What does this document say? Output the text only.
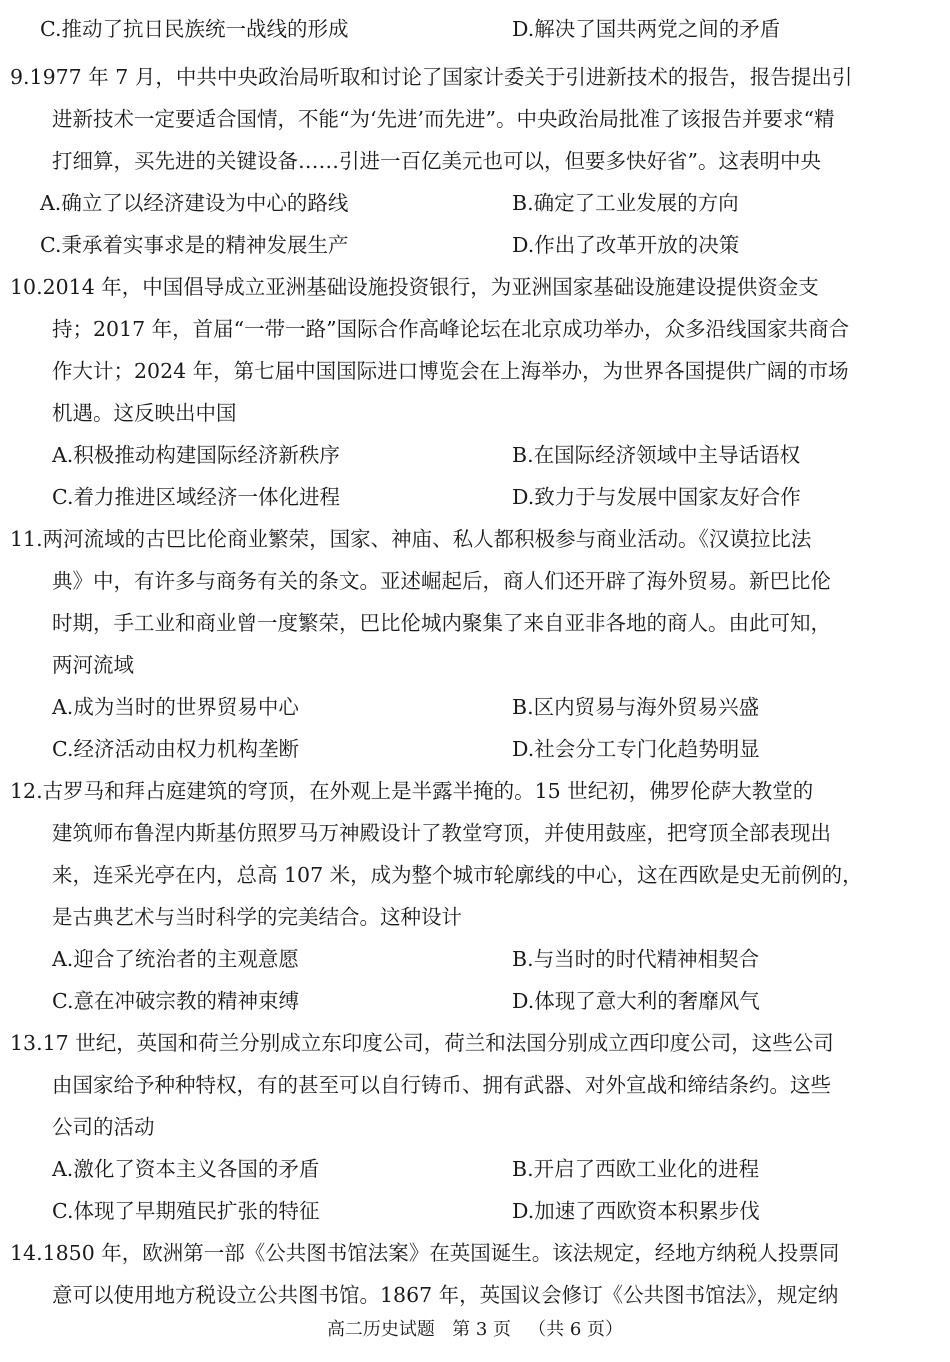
C.推动了抗日民族统一战线的形成	D.解决了国共两党之间的矛盾
9.1977 年 7 月，中共中央政治局听取和讨论了国家计委关于引进新技术的报告，报告提出引
进新技术一定要适合国情，不能“为‘先进’而先进”。中央政治局批准了该报告并要求“精
打细算，买先进的关键设备……引进一百亿美元也可以，但要多快好省”。这表明中央
A.确立了以经济建设为中心的路线	B.确定了工业发展的方向
C.秉承着实事求是的精神发展生产	D.作出了改革开放的决策
10.2014 年，中国倡导成立亚洲基础设施投资银行，为亚洲国家基础设施建设提供资金支
持；2017 年，首届“一带一路”国际合作高峰论坛在北京成功举办，众多沿线国家共商合
作大计；2024 年，第七届中国国际进口博览会在上海举办，为世界各国提供广阔的市场
机遇。这反映出中国
A.积极推动构建国际经济新秩序	B.在国际经济领域中主导话语权
C.着力推进区域经济一体化进程	D.致力于与发展中国家友好合作
11.两河流域的古巴比伦商业繁荣，国家、神庙、私人都积极参与商业活动。《汉谟拉比法
典》中，有许多与商务有关的条文。亚述崛起后，商人们还开辟了海外贸易。新巴比伦
时期，手工业和商业曾一度繁荣，巴比伦城内聚集了来自亚非各地的商人。由此可知，
两河流域
A.成为当时的世界贸易中心	B.区内贸易与海外贸易兴盛
C.经济活动由权力机构垄断	D.社会分工专门化趋势明显
12.古罗马和拜占庭建筑的穹顶，在外观上是半露半掩的。15 世纪初，佛罗伦萨大教堂的
建筑师布鲁涅内斯基仿照罗马万神殿设计了教堂穹顶，并使用鼓座，把穹顶全部表现出
来，连采光亭在内，总高 107 米，成为整个城市轮廓线的中心，这在西欧是史无前例的，
是古典艺术与当时科学的完美结合。这种设计
A.迎合了统治者的主观意愿	B.与当时的时代精神相契合
C.意在冲破宗教的精神束缚	D.体现了意大利的奢靡风气
13.17 世纪，英国和荷兰分别成立东印度公司，荷兰和法国分别成立西印度公司，这些公司
由国家给予种种特权，有的甚至可以自行铸币、拥有武器、对外宣战和缔结条约。这些
公司的活动
A.激化了资本主义各国的矛盾	B.开启了西欧工业化的进程
C.体现了早期殖民扩张的特征	D.加速了西欧资本积累步伐
14.1850 年，欧洲第一部《公共图书馆法案》在英国诞生。该法规定，经地方纳税人投票同
意可以使用地方税设立公共图书馆。1867 年，英国议会修订《公共图书馆法》，规定纳
高二历史试题   第 3 页   （共 6 页）
